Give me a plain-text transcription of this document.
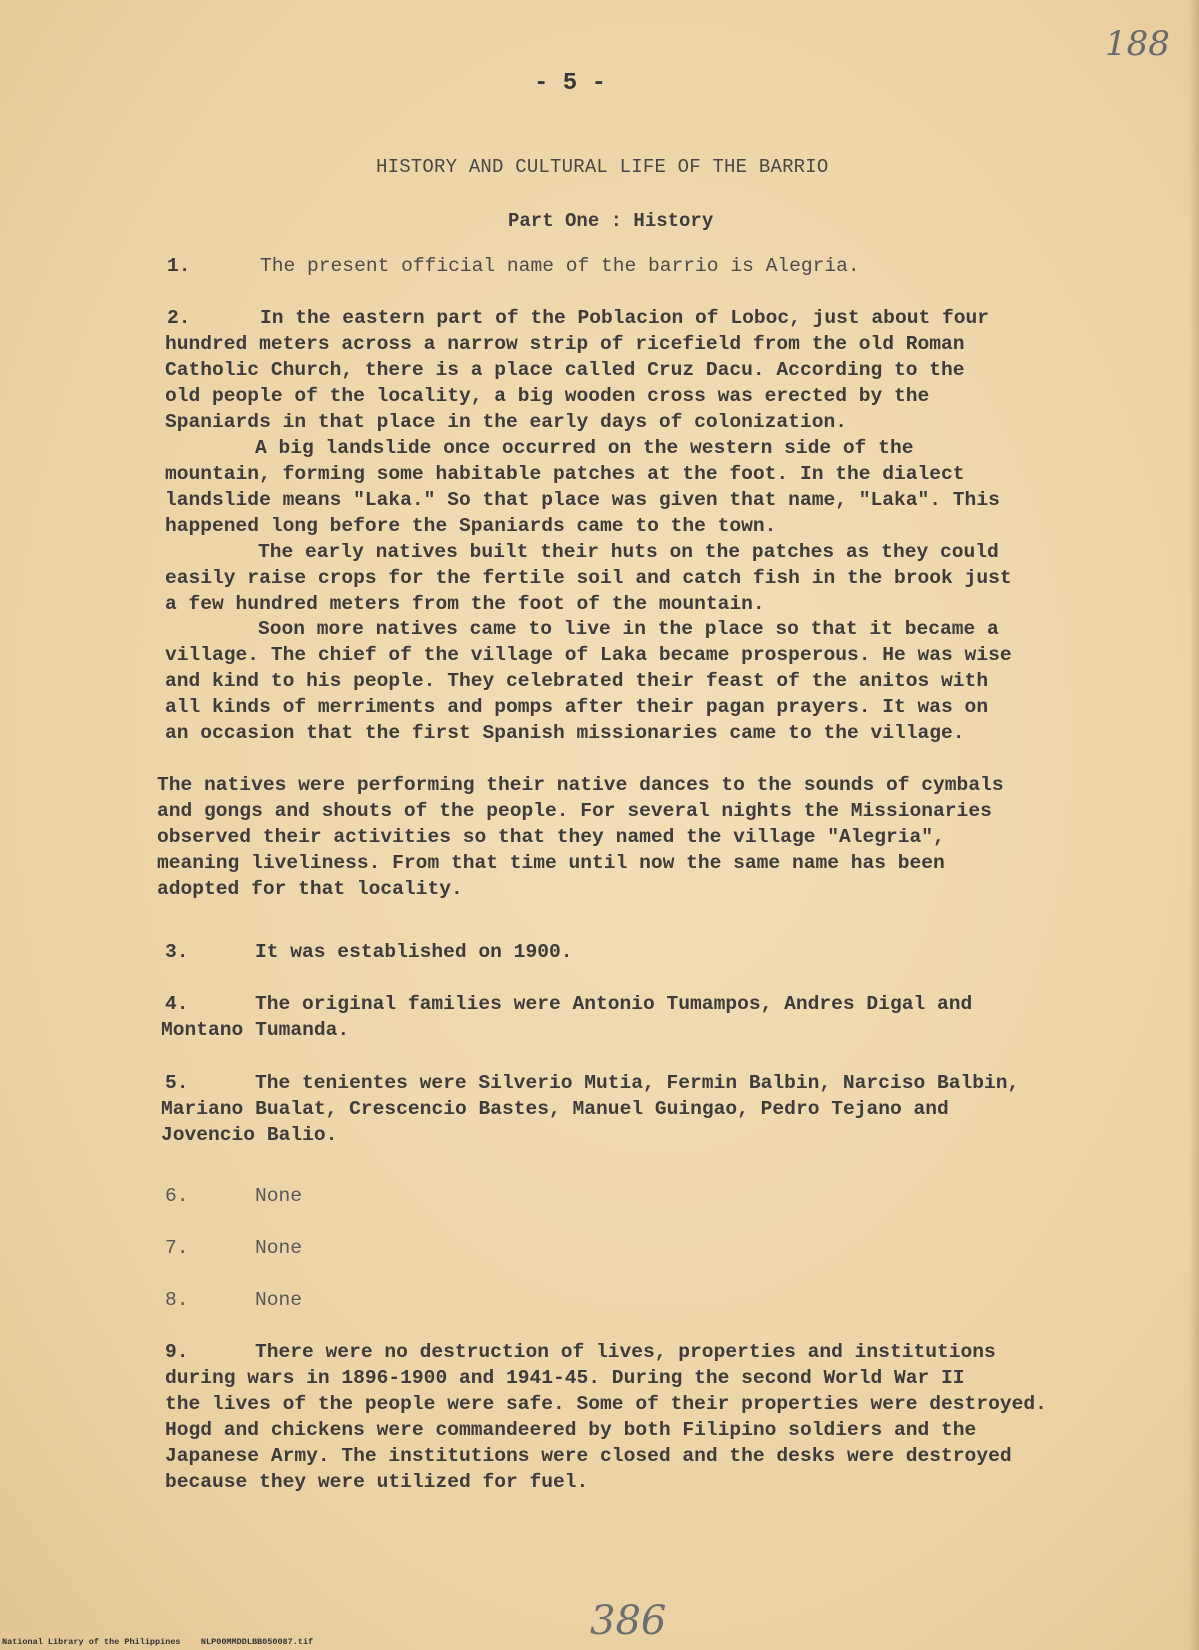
188
- 5 -
HISTORY AND CULTURAL LIFE OF THE BARRIO
Part One : History
1.	The present official name of the barrio is Alegria.
2.	In the eastern part of the Poblacion of Loboc, just about four
hundred meters across a narrow strip of ricefield from the old Roman
Catholic Church, there is a place called Cruz Dacu. According to the
old people of the locality, a big wooden cross was erected by the
Spaniards in that place in the early days of colonization.
A big landslide once occurred on the western side of the
mountain, forming some habitable patches at the foot. In the dialect
landslide means "Laka." So that place was given that name, "Laka". This
happened long before the Spaniards came to the town.
The early natives built their huts on the patches as they could
easily raise crops for the fertile soil and catch fish in the brook just
a few hundred meters from the foot of the mountain.
Soon more natives came to live in the place so that it became a
village. The chief of the village of Laka became prosperous. He was wise
and kind to his people. They celebrated their feast of the anitos with
all kinds of merriments and pomps after their pagan prayers. It was on
an occasion that the first Spanish missionaries came to the village.
The natives were performing their native dances to the sounds of cymbals
and gongs and shouts of the people. For several nights the Missionaries
observed their activities so that they named the village "Alegria",
meaning liveliness. From that time until now the same name has been
adopted for that locality.
3.	It was established on 1900.
4.	The original families were Antonio Tumampos, Andres Digal and
Montano Tumanda.
5.	The tenientes were Silverio Mutia, Fermin Balbin, Narciso Balbin,
Mariano Bualat, Crescencio Bastes, Manuel Guingao, Pedro Tejano and
Jovencio Balio.
6.	None
7.	None
8.	None
9.	There were no destruction of lives, properties and institutions
during wars in 1896-1900 and 1941-45. During the second World War II
the lives of the people were safe. Some of their properties were destroyed.
Hogd and chickens were commandeered by both Filipino soldiers and the
Japanese Army. The institutions were closed and the desks were destroyed
because they were utilized for fuel.
386
National Library of the Philippines    NLP00MMDDLBB050087.tif
